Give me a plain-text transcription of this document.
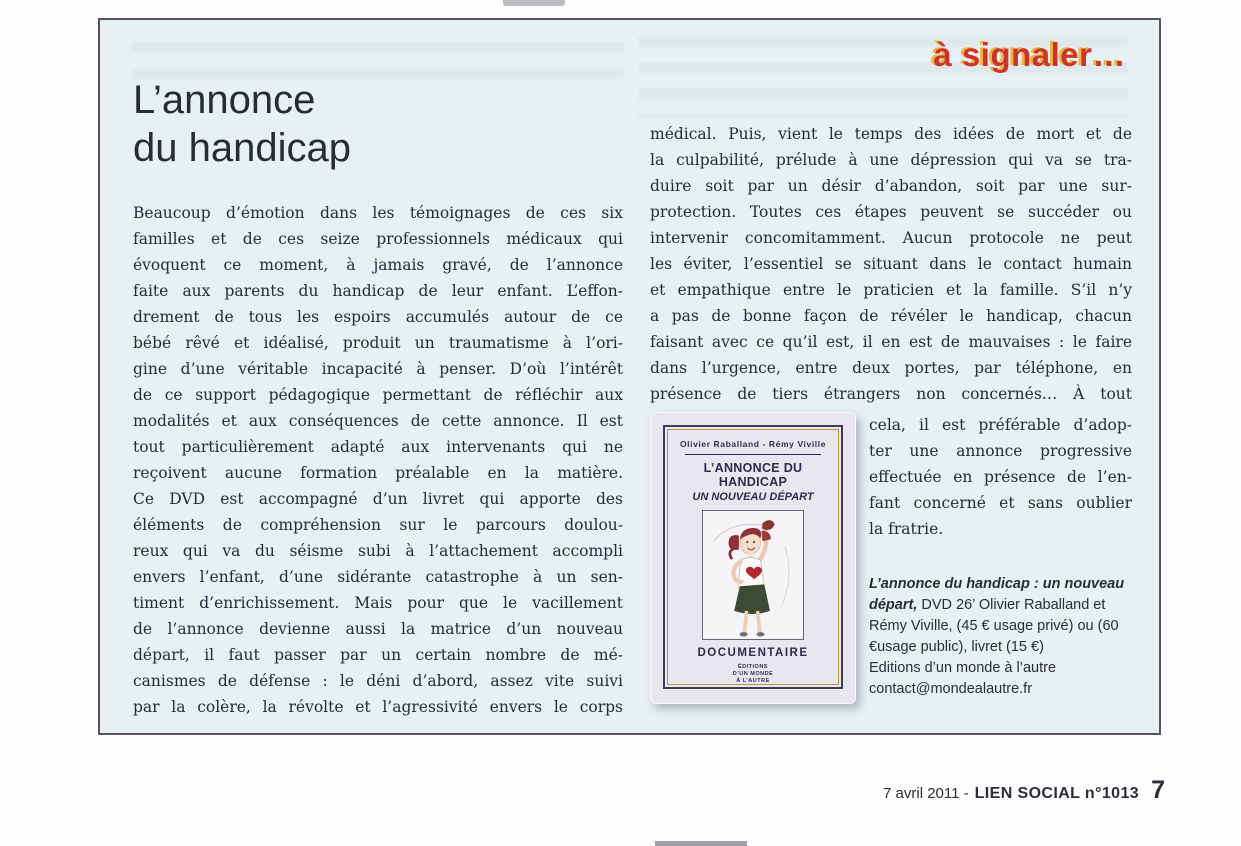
à signaler…
L’annonce
du handicap
Beaucoup d’émotion dans les témoignages de ces six
familles et de ces seize professionnels médicaux qui
évoquent ce moment, à jamais gravé, de l’annonce
faite aux parents du handicap de leur enfant. L’effon-
drement de tous les espoirs accumulés autour de ce
bébé rêvé et idéalisé, produit un traumatisme à l’ori-
gine d’une véritable incapacité à penser. D’où l’intérêt
de ce support pédagogique permettant de réfléchir aux
modalités et aux conséquences de cette annonce. Il est
tout particulièrement adapté aux intervenants qui ne
reçoivent aucune formation préalable en la matière.
Ce DVD est accompagné d’un livret qui apporte des
éléments de compréhension sur le parcours doulou-
reux qui va du séisme subi à l’attachement accompli
envers l’enfant, d’une sidérante catastrophe à un sen-
timent d’enrichissement. Mais pour que le vacillement
de l’annonce devienne aussi la matrice d’un nouveau
départ, il faut passer par un certain nombre de mé-
canismes de défense : le déni d’abord, assez vite suivi
par la colère, la révolte et l’agressivité envers le corps
médical. Puis, vient le temps des idées de mort et de
la culpabilité, prélude à une dépression qui va se tra-
duire soit par un désir d’abandon, soit par une sur-
protection. Toutes ces étapes peuvent se succéder ou
intervenir concomitamment. Aucun protocole ne peut
les éviter, l’essentiel se situant dans le contact humain
et empathique entre le praticien et la famille. S’il n’y
a pas de bonne façon de révéler le handicap, chacun
faisant avec ce qu’il est, il en est de mauvaises : le faire
dans l’urgence, entre deux portes, par téléphone, en
présence de tiers étrangers non concernés… À tout
Olivier Raballand - Rémy Viville
L’ANNONCE DU HANDICAP
UN NOUVEAU DÉPART
DOCUMENTAIRE
ÉDITIONS
D’UN MONDE
À L’AUTRE
cela, il est préférable d’adop-
ter une annonce progressive
effectuée en présence de l’en-
fant concerné et sans oublier
la fratrie.

L’annonce du handicap : un nouveau départ, DVD 26’ Olivier Raballand et Rémy Viville, (45 € usage privé) ou (60 €usage public), livret (15 €)

Editions d’un monde à l’autre
contact@mondealautre.fr
7 avril 2011 - LIEN SOCIAL n°1013 7
